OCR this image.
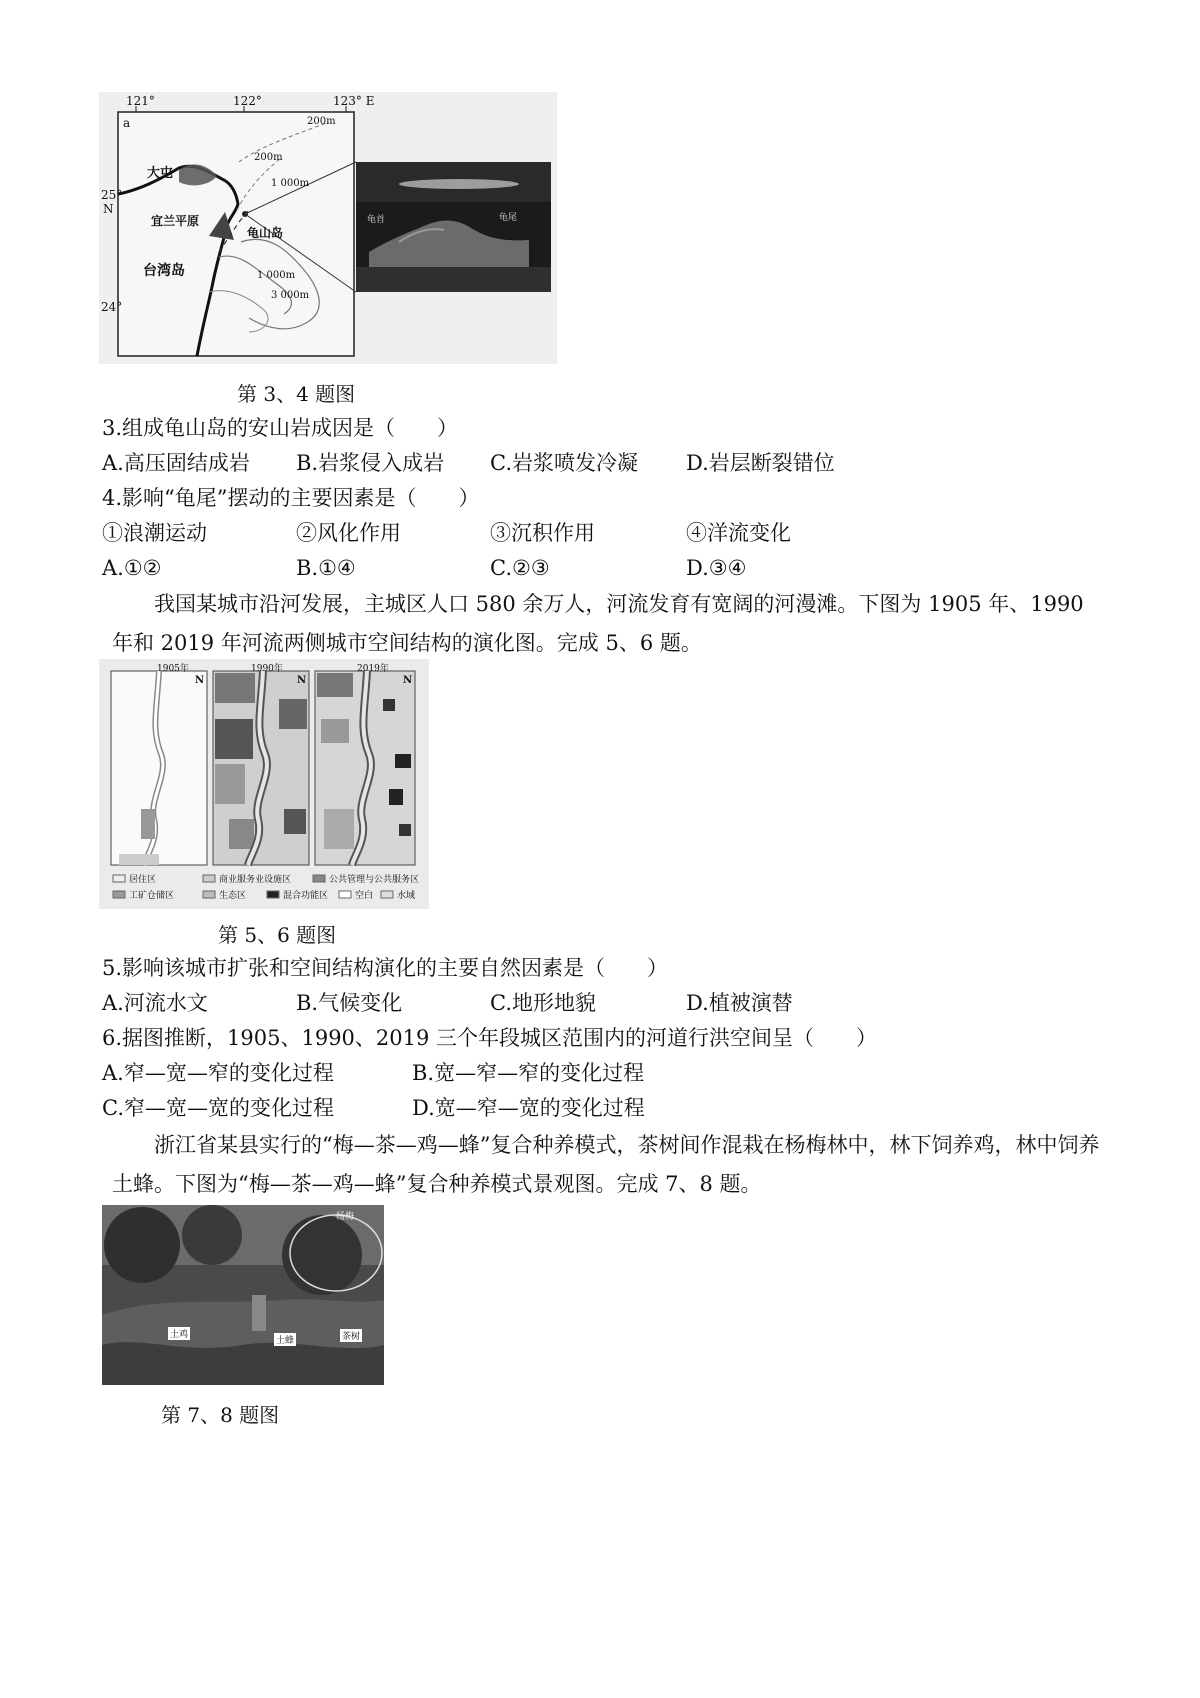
121°	122°	123° E
a
25°
N
24°
大屯
宜兰平原
龟山岛
台湾岛
200m
200m
1 000m
1 000m
3 000m
龟首	龟尾
第 3、4 题图
3.组成龟山岛的安山岩成因是（　　）
A.高压固结成岩 B.岩浆侵入成岩 C.岩浆喷发冷凝 D.岩层断裂错位
4.影响“龟尾”摆动的主要因素是（　　）
①浪潮运动	②风化作用	③沉积作用	④洋流变化
A.①②	B.①④	C.②③	D.③④
我国某城市沿河发展，主城区人口 580 余万人，河流发育有宽阔的河漫滩。下图为 1905 年、1990 年和 2019 年河流两侧城市空间结构的演化图。完成 5、6 题。
1905年	1990年	2019年
N	N	N
居住区	商业服务业设施区	公共管理与公共服务区
工矿仓储区	生态区	混合功能区	空白	水域
第 5、6 题图
5.影响该城市扩张和空间结构演化的主要自然因素是（　　）
A.河流水文	B.气候变化	C.地形地貌	D.植被演替
6.据图推断，1905、1990、2019 三个年段城区范围内的河道行洪空间呈（　　）
A.窄—宽—窄的变化过程	B.宽—窄—窄的变化过程
C.窄—宽—宽的变化过程	D.宽—窄—宽的变化过程
浙江省某县实行的“梅—茶—鸡—蜂”复合种养模式，茶树间作混栽在杨梅林中，林下饲养鸡，林中饲养土蜂。下图为“梅—茶—鸡—蜂”复合种养模式景观图。完成 7、8 题。
杨梅
土鸡
土蜂	茶树
第 7、8 题图
